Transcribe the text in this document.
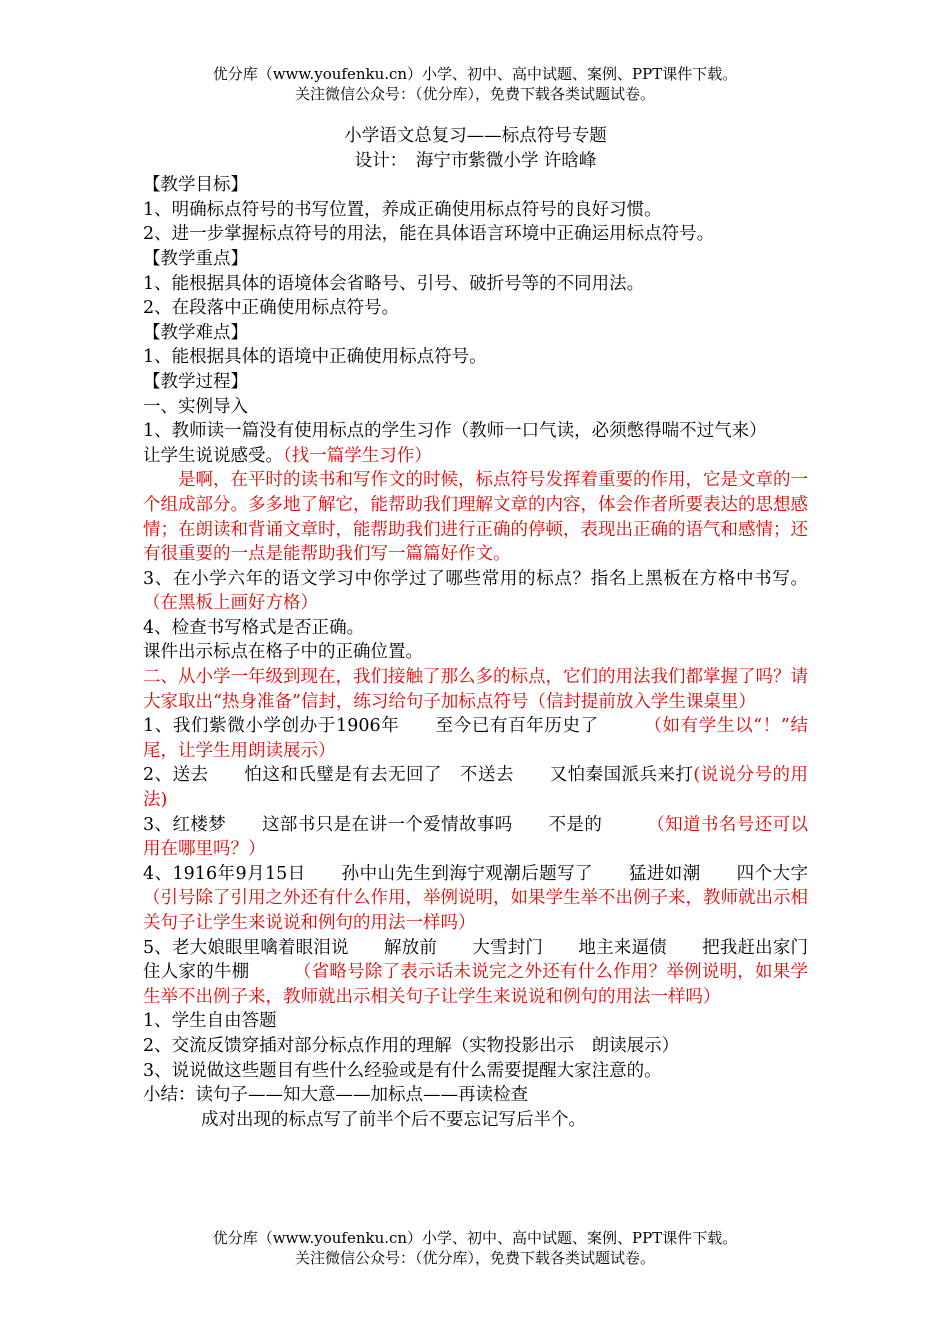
优分库（www.youfenku.cn）小学、初中、高中试题、案例、PPT课件下载。
关注微信公众号：（优分库），免费下载各类试题试卷。
小学语文总复习——标点符号专题
设计：　海宁市紫微小学 许晗峰
【教学目标】
1、明确标点符号的书写位置，养成正确使用标点符号的良好习惯。
2、进一步掌握标点符号的用法，能在具体语言环境中正确运用标点符号。
【教学重点】
1、能根据具体的语境体会省略号、引号、破折号等的不同用法。
2、在段落中正确使用标点符号。
【教学难点】
1、能根据具体的语境中正确使用标点符号。
【教学过程】
一、实例导入
1、教师读一篇没有使用标点的学生习作（教师一口气读，必须憋得喘不过气来）
让学生说说感受。（找一篇学生习作）
是啊，在平时的读书和写作文的时候，标点符号发挥着重要的作用，它是文章的一个组成部分。多多地了解它，能帮助我们理解文章的内容，体会作者所要表达的思想感情；在朗读和背诵文章时，能帮助我们进行正确的停顿，表现出正确的语气和感情；还有很重要的一点是能帮助我们写一篇篇好作文。
3、在小学六年的语文学习中你学过了哪些常用的标点？指名上黑板在方格中书写。（在黑板上画好方格）
4、检查书写格式是否正确。
课件出示标点在格子中的正确位置。
二、从小学一年级到现在，我们接触了那么多的标点，它们的用法我们都掌握了吗？请大家取出“热身准备”信封，练习给句子加标点符号（信封提前放入学生课桌里）
1、我们紫微小学创办于1906年　　至今已有百年历史了　　　（如有学生以“！”结尾，让学生用朗读展示）
2、送去　　怕这和氏璧是有去无回了　不送去　　又怕秦国派兵来打(说说分号的用法)
3、红楼梦　　这部书只是在讲一个爱情故事吗　　不是的　　　（知道书名号还可以用在哪里吗？）
4、1916年9月15日　　孙中山先生到海宁观潮后题写了　　猛进如潮　　四个大字（引号除了引用之外还有什么作用，举例说明，如果学生举不出例子来，教师就出示相关句子让学生来说说和例句的用法一样吗）
5、老大娘眼里噙着眼泪说　　解放前　　大雪封门　　地主来逼债　　把我赶出家门　　住人家的牛棚　　　（省略号除了表示话未说完之外还有什么作用？举例说明，如果学生举不出例子来，教师就出示相关句子让学生来说说和例句的用法一样吗）
1、学生自由答题
2、交流反馈穿插对部分标点作用的理解（实物投影出示　朗读展示）
3、说说做这些题目有些什么经验或是有什么需要提醒大家注意的。
小结：读句子——知大意——加标点——再读检查
成对出现的标点写了前半个后不要忘记写后半个。
优分库（www.youfenku.cn）小学、初中、高中试题、案例、PPT课件下载。
关注微信公众号：（优分库），免费下载各类试题试卷。
